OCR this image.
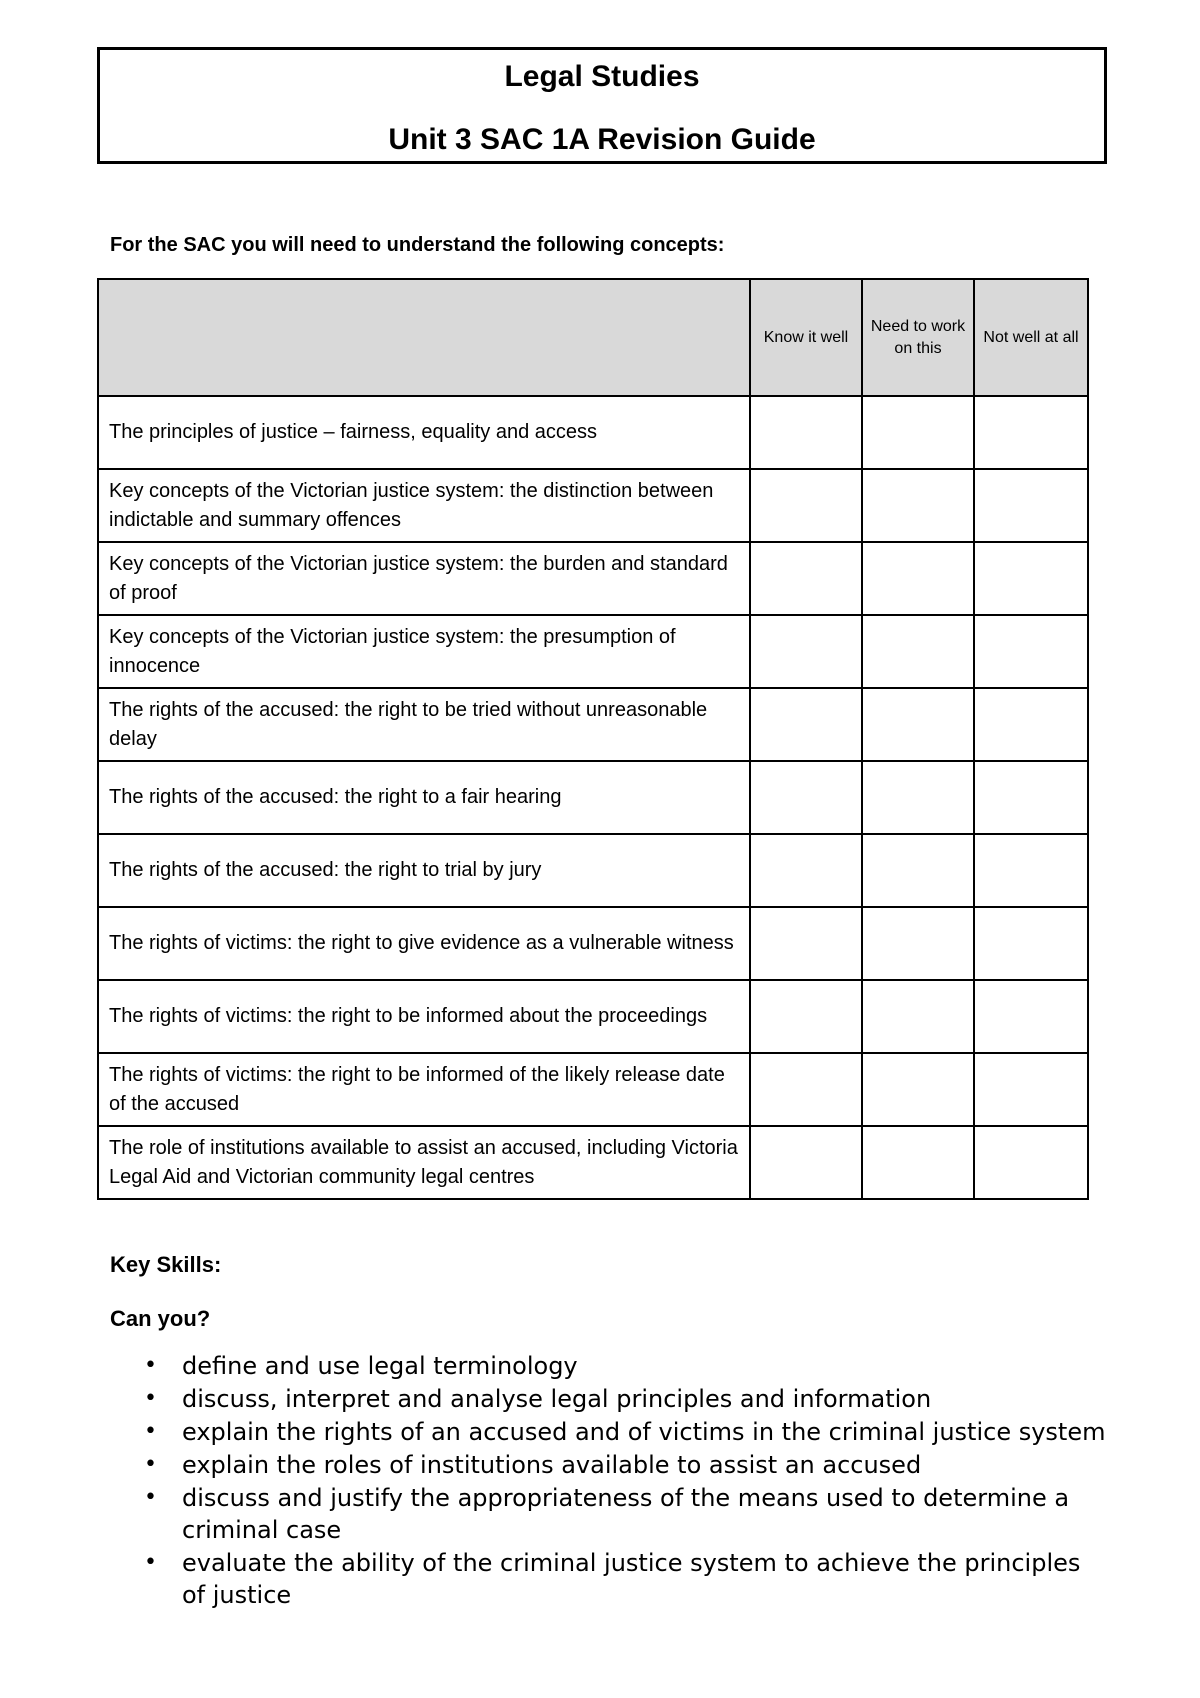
Legal Studies
Unit 3 SAC 1A Revision Guide
For the SAC you will need to understand the following concepts:
	Know it well	Need to work on this	Not well at all
The principles of justice – fairness, equality and access			
Key concepts of the Victorian justice system: the distinction between indictable and summary offences			
Key concepts of the Victorian justice system: the burden and standard of proof			
Key concepts of the Victorian justice system: the presumption of innocence			
The rights of the accused: the right to be tried without unreasonable delay			
The rights of the accused: the right to a fair hearing			
The rights of the accused: the right to trial by jury			
The rights of victims: the right to give evidence as a vulnerable witness			
The rights of victims: the right to be informed about the proceedings			
The rights of victims: the right to be informed of the likely release date of the accused			
The role of institutions available to assist an accused, including Victoria Legal Aid and Victorian community legal centres			
Key Skills:
Can you?
• define and use legal terminology
• discuss, interpret and analyse legal principles and information
• explain the rights of an accused and of victims in the criminal justice system
• explain the roles of institutions available to assist an accused
• discuss and justify the appropriateness of the means used to determine a criminal case
• evaluate the ability of the criminal justice system to achieve the principles of justice
